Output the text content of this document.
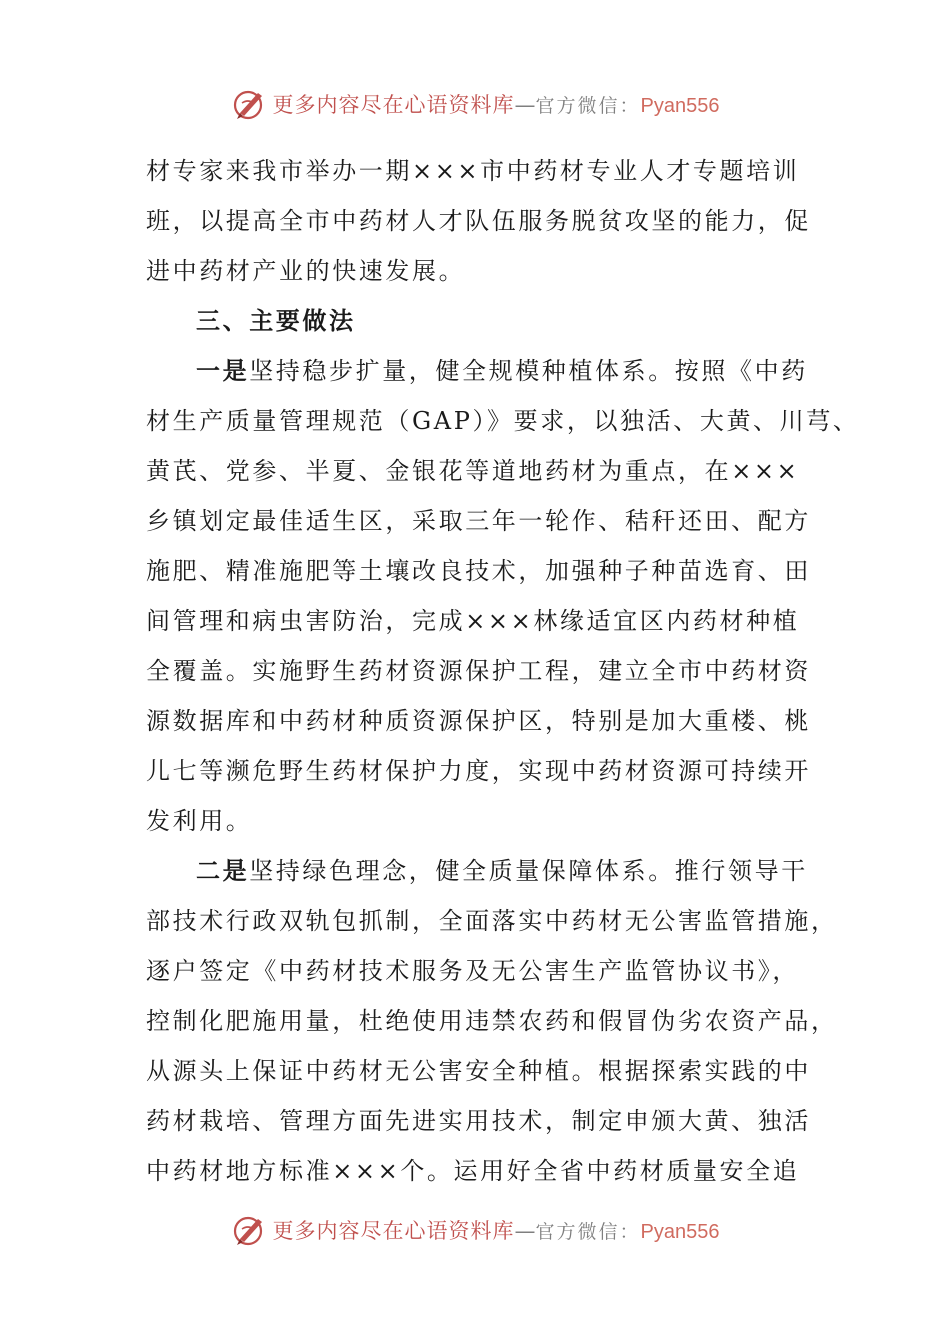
更多内容尽在心语资料库 — 官方微信： Pyan556
材专家来我市举办一期×××市中药材专业人才专题培训
班，以提高全市中药材人才队伍服务脱贫攻坚的能力，促
进中药材产业的快速发展。
三、主要做法
一是坚持稳步扩量，健全规模种植体系。按照《中药
材生产质量管理规范（GAP）》要求，以独活、大黄、川芎、
黄芪、党参、半夏、金银花等道地药材为重点，在×××
乡镇划定最佳适生区，采取三年一轮作、秸秆还田、配方
施肥、精准施肥等土壤改良技术，加强种子种苗选育、田
间管理和病虫害防治，完成×××林缘适宜区内药材种植
全覆盖。实施野生药材资源保护工程，建立全市中药材资
源数据库和中药材种质资源保护区，特别是加大重楼、桃
儿七等濒危野生药材保护力度，实现中药材资源可持续开
发利用。
二是坚持绿色理念，健全质量保障体系。推行领导干
部技术行政双轨包抓制，全面落实中药材无公害监管措施，
逐户签定《中药材技术服务及无公害生产监管协议书》，
控制化肥施用量，杜绝使用违禁农药和假冒伪劣农资产品，
从源头上保证中药材无公害安全种植。根据探索实践的中
药材栽培、管理方面先进实用技术，制定申颁大黄、独活
中药材地方标准×××个。运用好全省中药材质量安全追
更多内容尽在心语资料库 — 官方微信： Pyan556
